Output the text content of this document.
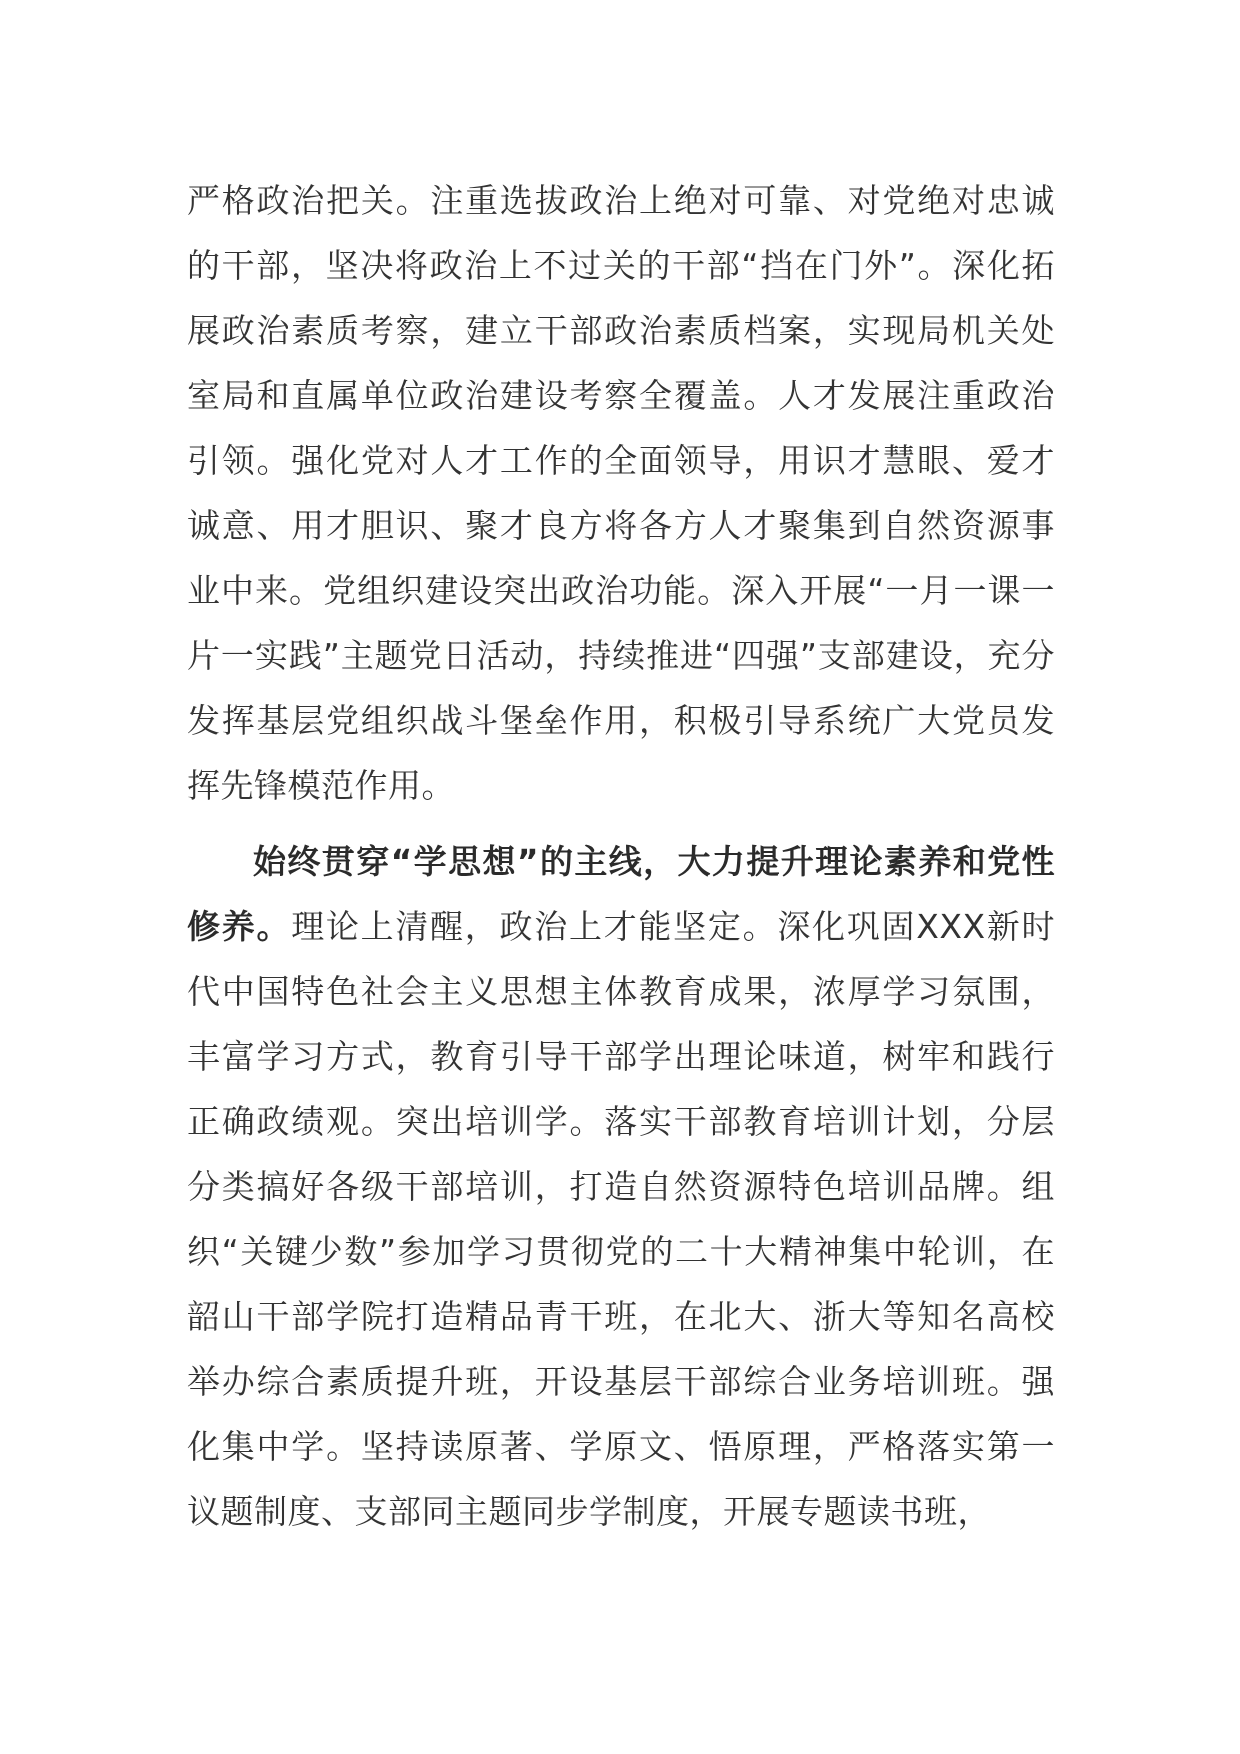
严格政治把关。注重选拔政治上绝对可靠、对党绝对忠诚的干部，坚决将政治上不过关的干部“挡在门外”。深化拓展政治素质考察，建立干部政治素质档案，实现局机关处室局和直属单位政治建设考察全覆盖。人才发展注重政治引领。强化党对人才工作的全面领导，用识才慧眼、爱才诚意、用才胆识、聚才良方将各方人才聚集到自然资源事业中来。党组织建设突出政治功能。深入开展“一月一课一片一实践”主题党日活动，持续推进“四强”支部建设，充分发挥基层党组织战斗堡垒作用，积极引导系统广大党员发挥先锋模范作用。

始终贯穿“学思想”的主线，大力提升理论素养和党性修养。理论上清醒，政治上才能坚定。深化巩固XXX新时代中国特色社会主义思想主体教育成果，浓厚学习氛围，丰富学习方式，教育引导干部学出理论味道，树牢和践行正确政绩观。突出培训学。落实干部教育培训计划，分层分类搞好各级干部培训，打造自然资源特色培训品牌。组织“关键少数”参加学习贯彻党的二十大精神集中轮训，在韶山干部学院打造精品青干班，在北大、浙大等知名高校举办综合素质提升班，开设基层干部综合业务培训班。强化集中学。坚持读原著、学原文、悟原理，严格落实第一议题制度、支部同主题同步学制度，开展专题读书班，
